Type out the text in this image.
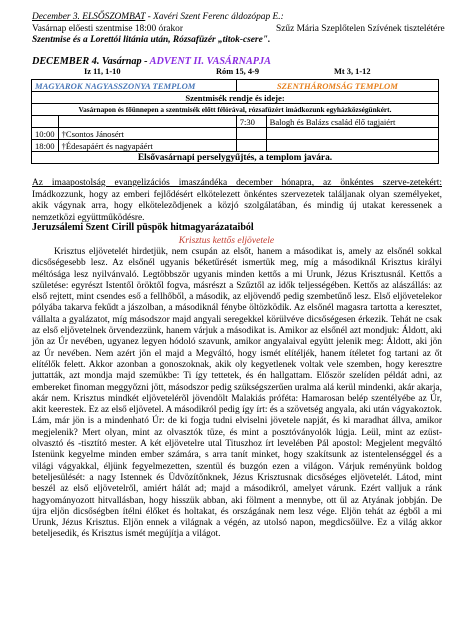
December 3. ELSŐSZOMBAT - Xavéri Szent Ferenc áldozópap E.:
Vasárnap előesti szentmise 18:00 órakor	Szűz Mária Szeplőtelen Szívének tisztelétére
Szentmise és a Lorettói litánia után, Rózsafüzér „titok-csere".
DECEMBER 4. Vasárnap - ADVENT II. VASÁRNAPJA
Iz 11, 1-10	Róm 15, 4-9	Mt 3, 1-12
MAGYAROK NAGYASSZONYA TEMPLOM		SZENTHÁROMSÁG TEMPLOM	
Szentmisék rendje és ideje:			
Vasárnapon és főünnepen a szentmisék előtt félórával, rózsafüzért imádkozunk egyházközségünkért.			
		7:30	Balogh és Balázs család élő tagjaiért
10:00	†Csontos Jánosért		
18:00	†Édesapáért és nagyapáért		
Elsővasárnapi perselygyűjtés, a templom javára.			
Az imaapostolság evangelizációs imaszándéka december hónapra, az önkéntes szerve-zetekért: Imádkozzunk, hogy az emberi fejlődésért elkötelezett önkéntes szervezetek találjanak olyan személyeket, akik vágynak arra, hogy elkötelezõdjenek a közjó szolgálatában, és mindig új utakat keressenek a nemzetközi együttműködésre.
Jeruzsálemi Szent Cirill püspök hitmagyarázataiból
Krisztus kettős eljövetele

Krisztus eljövetelét hirdetjük, nem csupán az elsőt, hanem a másodikat is, amely az elsőnél sokkal dicsőségesebb lesz. Az elsőnél ugyanis béketűrését ismertük meg, míg a másodiknál Krisztus királyi méltósága lesz nyilvánvaló. Legtöbbször ugyanis minden kettős a mi Urunk, Jézus Krisztusnál. Kettős a születése: egyrészt Istentől öröktől fogva, másrészt a Szűztől az idők teljességében. Kettős az alászállás: az első rejtett, mint csendes eső a fellhőből, a második, az eljövendő pedig szembetűnő lesz. Első eljövetelekor pólyába takarva fekűdt a jászolban, a másodiknál fénybe öltözködik. Az elsőnél magasra tartotta a keresztet, vállalta a gyalázatot, míg másodszor majd angyali seregekkel körülvéve dicsőségesen érkezik. Tehát ne csak az első eljövetelnek örvendezzünk, hanem várjuk a másodikat is. Amikor az elsőnél azt mondjuk: Áldott, aki jön az Úr nevében, ugyanez legyen hódoló szavunk, amikor angyalaival együtt jelenik meg: Áldott, aki jön az Úr nevében. Nem azért jön el majd a Megváltó, hogy ismét elítéljék, hanem ítéletet fog tartani az őt elítélők felett. Akkor azonban a gonoszoknak, akik oly kegyetlenek voltak vele szemben, hogy keresztre juttatták, azt mondja majd szemükbe: Ti így tettetek, és én hallgattam. Először szelíden példát adni, az embereket finoman meggyőzni jött, másodszor pedig szükségszerűen uralma alá kerül mindenki, akár akarja, akár nem. Krisztus mindkét eljövetelérõl jövendölt Malakiás próféta: Hamarosan belép szentélyébe az Úr, akit keerestek. Ez az első eljövetel. A másodikról pedig így írt: és a szövetség angyala, aki után vágyakoztok. Lám, már jön is a mindenható Úr: de ki fogja tudni elviselni jövetele napját, és ki maradhat állva, amikor megjelenik? Mert olyan, mint az olvasztók tüze, és mint a posztóványolók lúgja. Leül, mint az ezüst-olvasztó és -tisztító mester. A két eljövetelre utal Tituszhoz írt levelében Pál apostol: Megjelent megváltó Istenünk kegyelme minden ember számára, s arra tanít minket, hogy szakítsunk az istentelenséggel és a világi vágyakkal, éljünk fegyelmezetten, szentül és buzgón ezen a világon. Várjuk reményünk boldog beteljesülését: a nagy Istennek és Üdvözítőnknek, Jézus Krisztusnak dicsőséges eljövetelét. Látod, mint beszél az első eljövetelről, amiért hálát ad; majd a másodikról, amelyet várunk. Ezért valljuk a ránk hagyományozott hitvallásban, hogy hisszük abban, aki fölment a mennybe, ott ül az Atyának jobbján. De újra eljön dicsőségben ítélni élőket és holtakat, és országának nem lesz vége. Eljön tehát az égből a mi Urunk, Jézus Krisztus. Eljön ennek a világnak a végén, az utolsó napon, megdicsőülve. Ez a világ akkor beteljesedik, és Krisztus ismét megújítja a világot.
